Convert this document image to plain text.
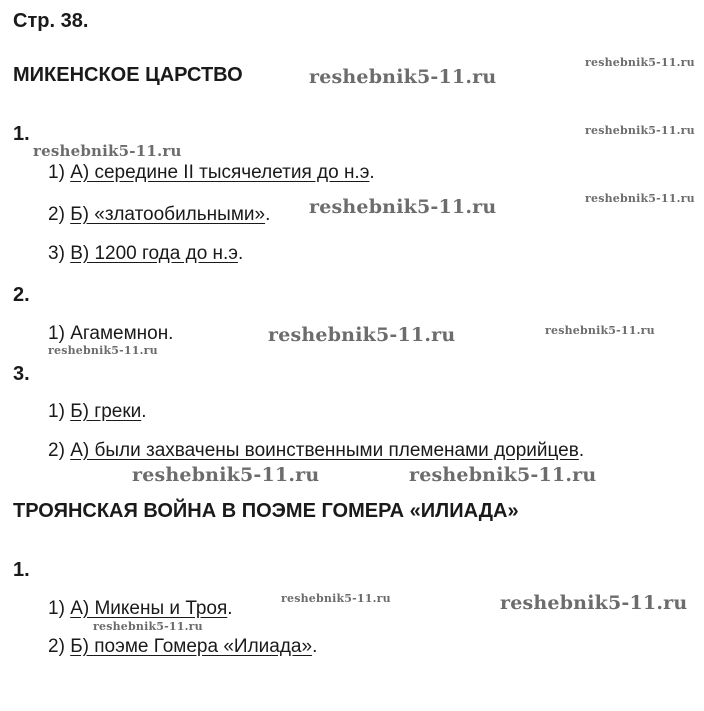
Стр. 38.
МИКЕНСКОЕ ЦАРСТВО
1.
1) А) середине II тысячелетия до н.э.
2) Б) «златообильными».
3) В) 1200 года до н.э.
2.
1) Агамемнон.
3.
1) Б) греки.
2) А) были захвачены воинственными племенами дорийцев.
ТРОЯНСКАЯ ВОЙНА В ПОЭМЕ ГОМЕРА «ИЛИАДА»
1.
1) А) Микены и Троя.
2) Б) поэме Гомера «Илиада».
reshebnik5-11.ru
reshebnik5-11.ru
reshebnik5-11.ru
reshebnik5-11.ru
reshebnik5-11.ru	reshebnik5-11.ru
reshebnik5-11.ru	reshebnik5-11.ru
reshebnik5-11.ru
reshebnik5-11.ru	reshebnik5-11.ru
reshebnik5-11.ru	reshebnik5-11.ru
reshebnik5-11.ru
